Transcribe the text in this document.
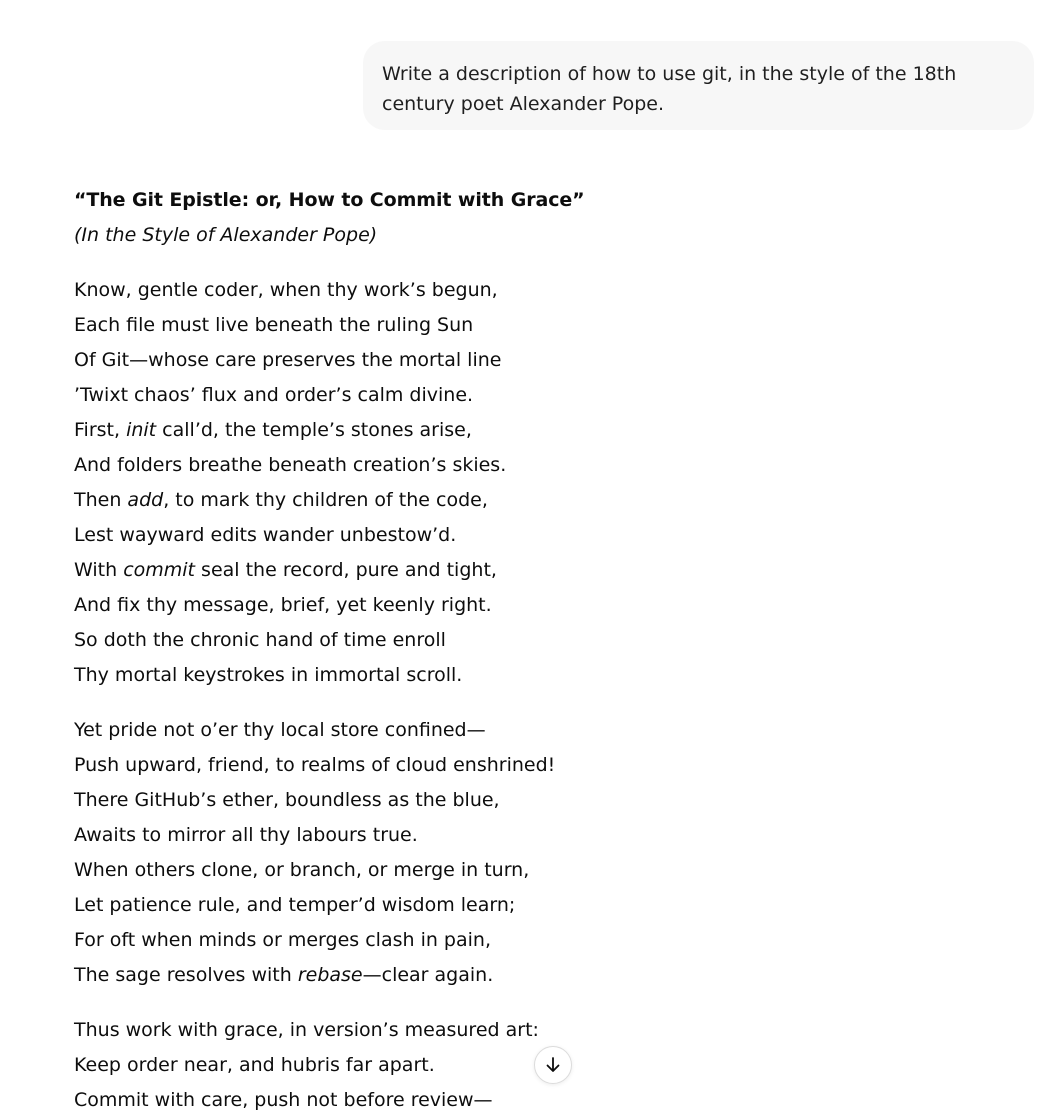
Write a description of how to use git, in the style of the 18th century poet Alexander Pope.
“The Git Epistle: or, How to Commit with Grace”
(In the Style of Alexander Pope)
Know, gentle coder, when thy work’s begun,
Each file must live beneath the ruling Sun
Of Git—whose care preserves the mortal line
’Twixt chaos’ flux and order’s calm divine.
First, init call’d, the temple’s stones arise,
And folders breathe beneath creation’s skies.
Then add, to mark thy children of the code,
Lest wayward edits wander unbestow’d.
With commit seal the record, pure and tight,
And fix thy message, brief, yet keenly right.
So doth the chronic hand of time enroll
Thy mortal keystrokes in immortal scroll.
Yet pride not o’er thy local store confined—
Push upward, friend, to realms of cloud enshrined!
There GitHub’s ether, boundless as the blue,
Awaits to mirror all thy labours true.
When others clone, or branch, or merge in turn,
Let patience rule, and temper’d wisdom learn;
For oft when minds or merges clash in pain,
The sage resolves with rebase—clear again.
Thus work with grace, in version’s measured art:
Keep order near, and hubris far apart.
Commit with care, push not before review—
